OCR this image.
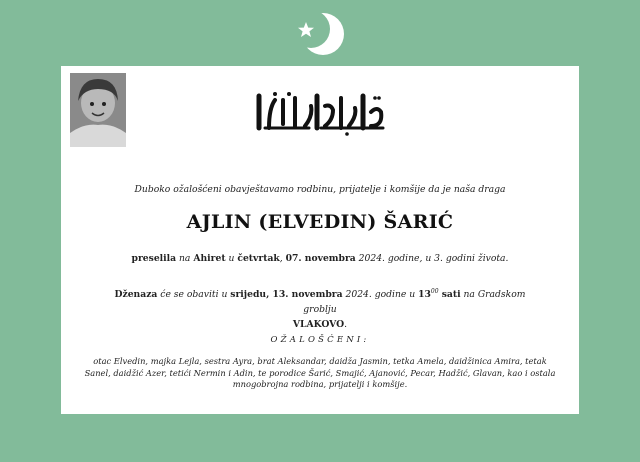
Duboko ožalošćeni obavještavamo rodbinu, prijatelje i komšije da je naša draga
AJLIN (ELVEDIN) ŠARIĆ
preselila na Ahiret u četvrtak, 07. novembra 2024. godine, u 3. godini života.
Dženaza će se obaviti u srijedu, 13. novembra 2024. godine u $13^{00}$ sati na Gradskom groblju
VLAKOVO.
OŽALOŠĆENI:
otac Elvedin, majka Lejla, sestra Ayra, brat Aleksandar, daidža Jasmin, tetka Amela, daidžinica Amira, tetak Sanel, daidžić Azer, tetići Nermin i Adin, te porodice Šarić, Smajić, Ajanović, Pecar, Hadžić, Glavan, kao i ostala mnogobrojna rodbina, prijatelji i komšije.
